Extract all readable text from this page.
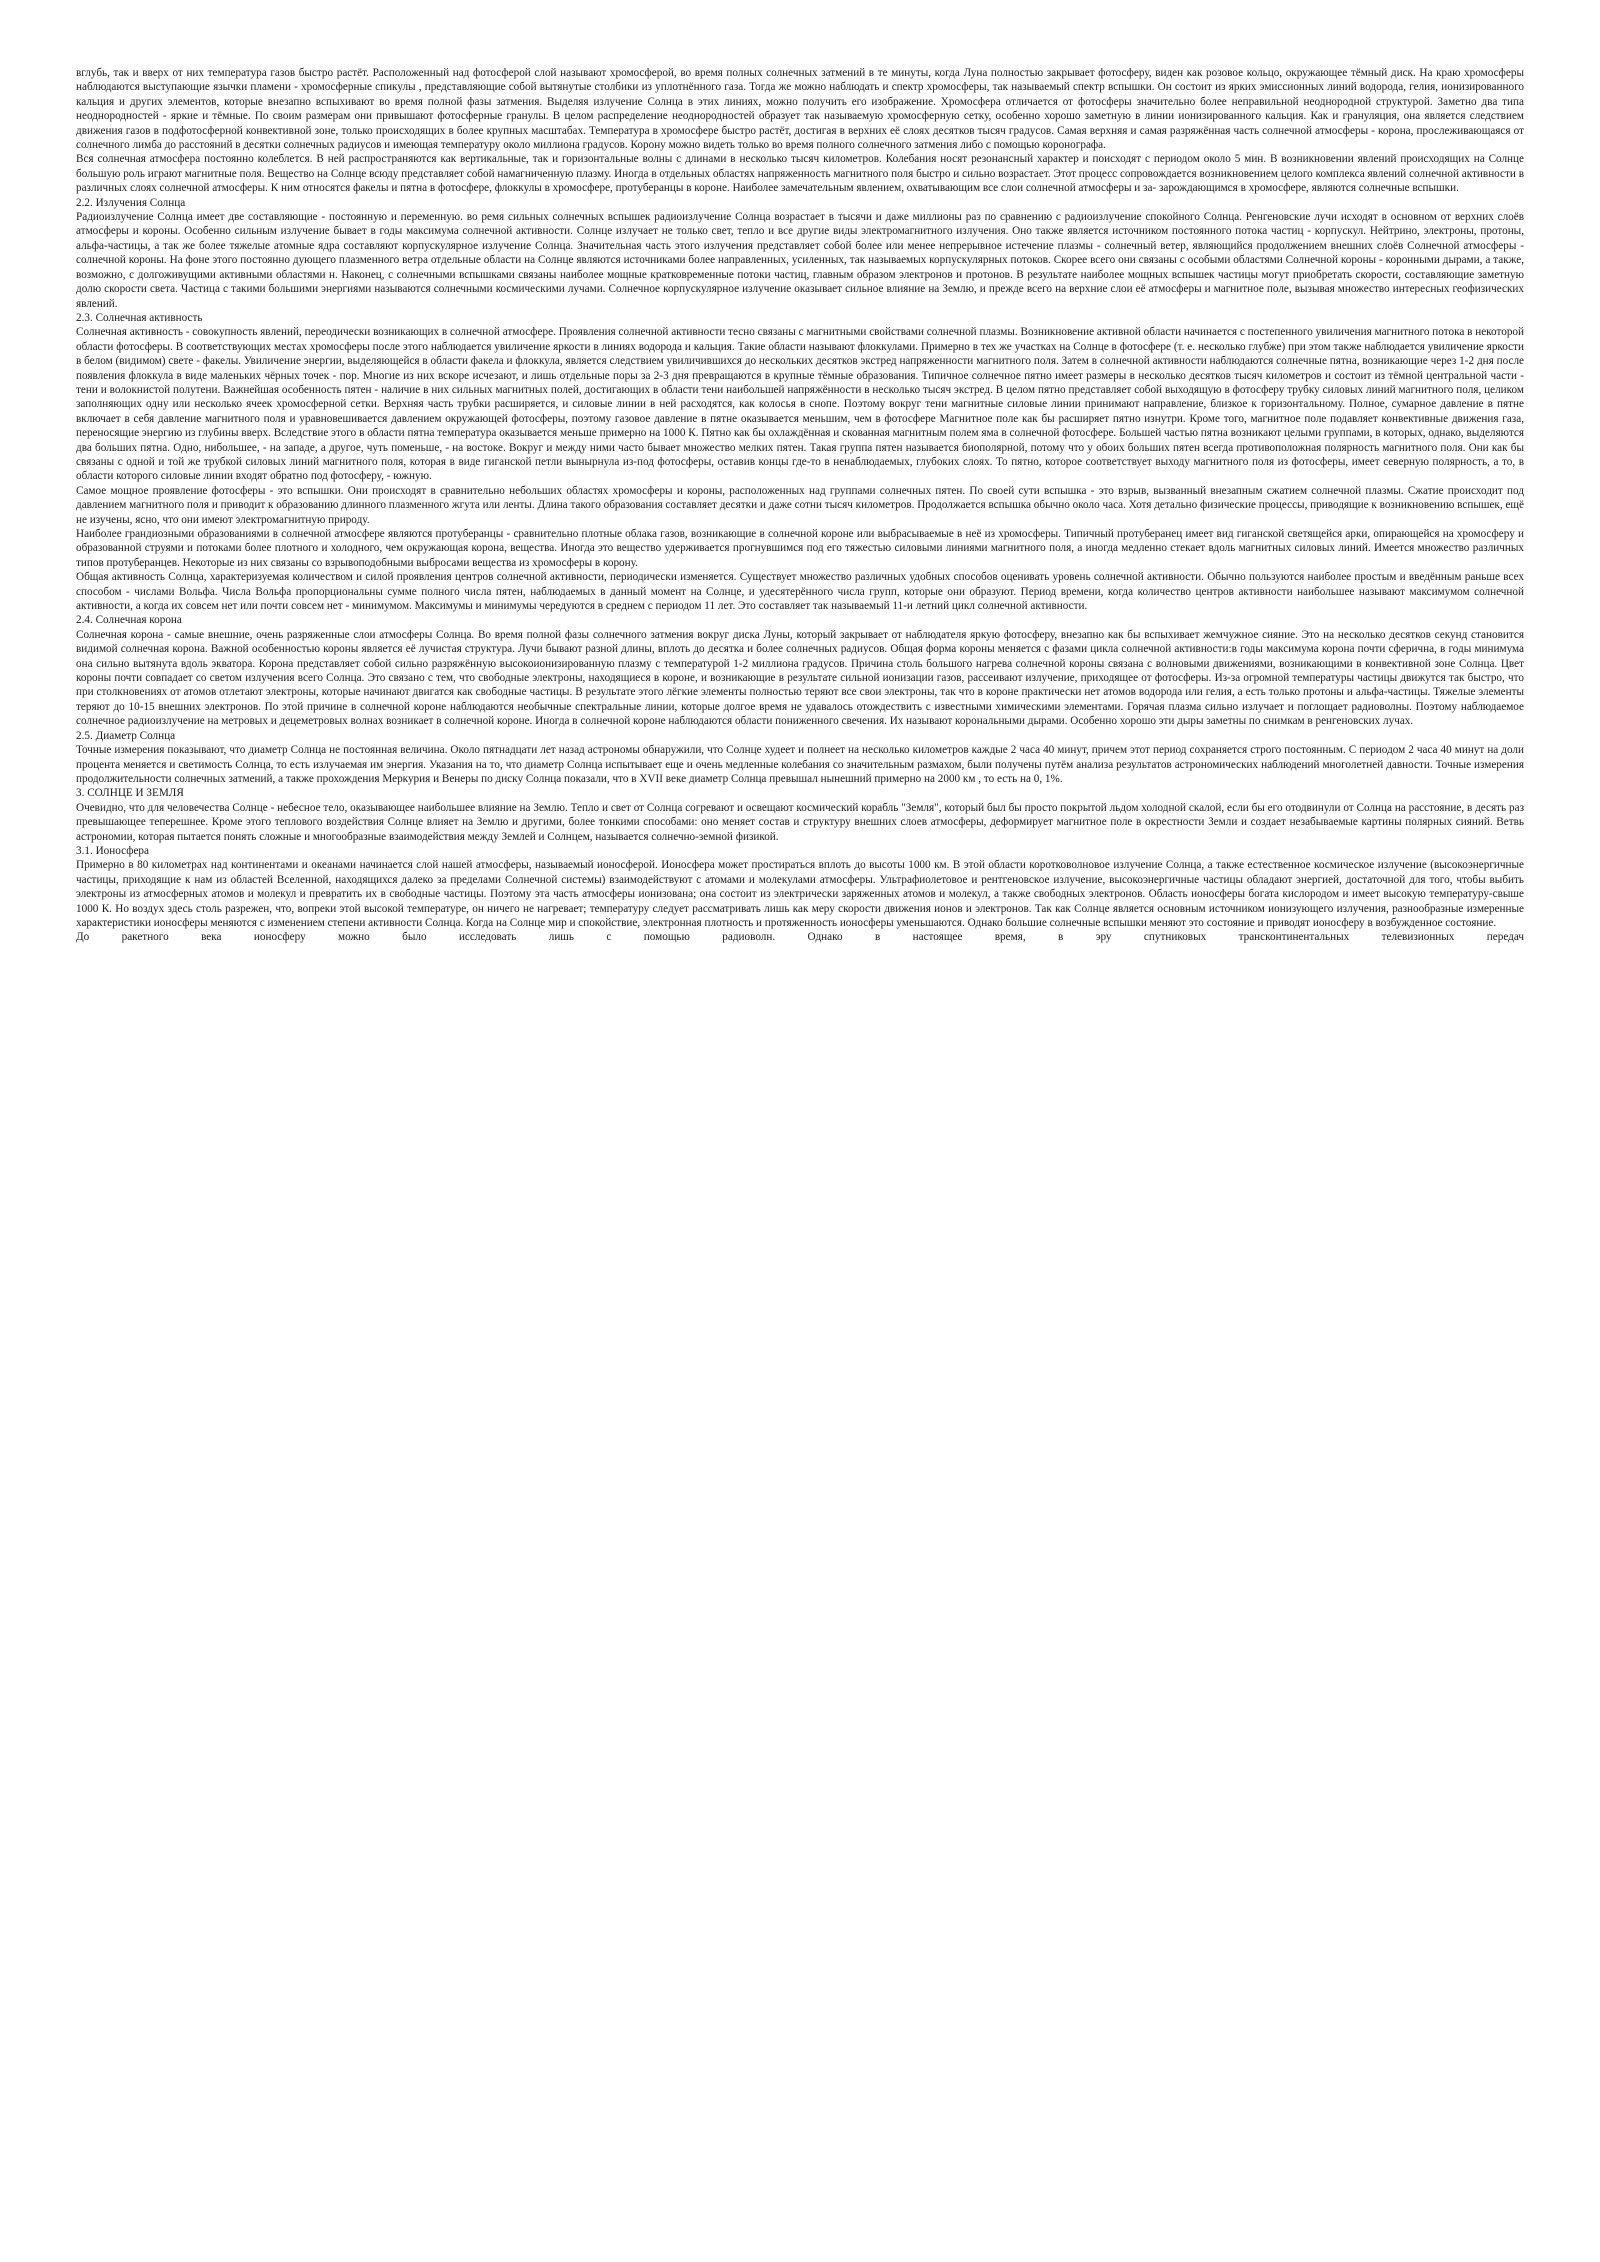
вглубь, так и вверх от них температура газов быстро растёт. Расположенный над фотосферой слой называют хромосферой, во время полных солнечных затмений в те минуты, когда Луна полностью закрывает фотосферу, виден как розовое кольцо, окружающее тёмный диск. На краю хромосферы наблюдаются выступающие язычки пламени - хромосферные спикулы , представляющие собой вытянутые столбики из уплотнённого газа. Тогда же можно наблюдать и спектр хромосферы, так называемый спектр вспышки. Он состоит из ярких эмиссионных линий водорода, гелия, ионизированного кальция и других элементов, которые внезапно вспыхивают во время полной фазы затмения. Выделяя излучение Солнца в этих линиях, можно получить его изображение. Хромосфера отличается от фотосферы значительно более неправильной неоднородной структурой. Заметно два типа неоднородностей - яркие и тёмные. По своим размерам они привышают фотосферные гранулы. В целом распределение неоднородностей образует так называемую хромосферную сетку, особенно хорошо заметную в линии ионизированного кальция. Как и грануляция, она является следствием движения газов в подфотосферной конвективной зоне, только происходящих в более крупных масштабах. Температура в хромосфере быстро растёт, достигая в верхних её слоях десятков тысяч градусов. Самая верхняя и самая разряжённая часть солнечной атмосферы - корона, прослеживающаяся от солнечного лимба до расстояний в десятки солнечных радиусов и имеющая температуру около миллиона градусов. Корону можно видеть только во время полного солнечного затмения либо с помощью коронографа.

Вся солнечная атмосфера постоянно колеблется. В ней распространяются как вертикальные, так и горизонтальные волны с длинами в несколько тысяч километров. Колебания носят резонансный характер и поисходят с периодом около 5 мин. В возникновении явлений происходящих на Солнце большую роль играют магнитные поля. Вещество на Солнце всюду представляет собой намагниченную плазму. Иногда в отдельных областях напряженность магнитного поля быстро и сильно возрастает. Этот процесс сопровождается возникновением целого комплекса явлений солнечной активности в различных слоях солнечной атмосферы. К ним относятся факелы и пятна в фотосфере, флоккулы в хромосфере, протуберанцы в короне. Наиболее замечательным явлением, охватывающим все слои солнечной атмосферы и за- зарождающимся в хромосфере, являются солнечные вспышки.

2.2. Излучения Солнца

Радиоизлучение Солнца имеет две составляющие - постоянную и переменную. во ремя сильных солнечных вспышек радиоизлучение Солнца возрастает в тысячи и даже миллионы раз по сравнению с радиоизлучение спокойного Солнца. Ренгеновские лучи исходят в основном от верхних слоёв атмосферы и короны. Особенно сильным излучение бывает в годы максимума солнечной активности. Солнце излучает не только свет, тепло и все другие виды электромагнитного излучения. Оно также является источником постоянного потока частиц - корпускул. Нейтрино, электроны, протоны, альфа-частицы, а так же более тяжелые атомные ядра составляют корпускулярное излучение Солнца. Значительная часть этого излучения представляет собой более или менее непрерывное истечение плазмы - солнечный ветер, являющийся продолжением внешних слоёв Солнечной атмосферы - солнечной короны. На фоне этого постоянно дующего плазменного ветра отдельные области на Солнце являются источниками более направленных, усиленных, так называемых корпускулярных потоков. Скорее всего они связаны с особыми областями Солнечной короны - коронными дырами, а также, возможно, с долгоживущими активными областями н. Наконец, с солнечными вспышками связаны наиболее мощные кратковременные потоки частиц, главным образом электронов и протонов. В результате наиболее мощных вспышек частицы могут приобретать скорости, составляющие заметную долю скорости света. Частица с такими большими энергиями называются солнечными космическими лучами. Солнечное корпускулярное излучение оказывает сильное влияние на Землю, и прежде всего на верхние слои её атмосферы и магнитное поле, вызывая множество интересных геофизических явлений.

2.3. Солнечная активность

Солнечная активность - совокупность явлений, переодически возникающих в солнечной атмосфере. Проявления солнечной активности тесно связаны с магнитными свойствами солнечной плазмы. Возникновение активной области начинается с постепенного увиличения магнитного потока в некоторой области фотосферы. В соответствующих местах хромосферы после этого наблюдается увиличение яркости в линиях водорода и кальция. Такие области называют флоккулами. Примерно в тех же участках на Солнце в фотосфере (т. е. несколько глубже) при этом также наблюдается увиличение яркости в белом (видимом) свете - факелы. Увиличение энергии, выделяющейся в области факела и флоккула, является следствием увиличившихся до нескольких десятков экстред напряженности магнитного поля. Затем в солнечной активности наблюдаются солнечные пятна, возникающие через 1-2 дня после появления флоккула в виде маленьких чёрных точек - пор. Многие из них вскоре исчезают, и лишь отдельные поры за 2-3 дня превращаются в крупные тёмные образования. Типичное солнечное пятно имеет размеры в несколько десятков тысяч километров и состоит из тёмной центральной части - тени и волокнистой полутени. Важнейшая особенность пятен - наличие в них сильных магнитных полей, достигающих в области тени наибольшей напряжённости в несколько тысяч экстред. В целом пятно представляет собой выходящую в фотосферу трубку силовых линий магнитного поля, целиком заполняющих одну или несколько ячеек хромосферной сетки. Верхняя часть трубки расширяется, и силовые линии в ней расходятся, как колосья в снопе. Поэтому вокруг тени магнитные силовые линии принимают направление, близкое к горизонтальному. Полное, сумарное давление в пятне включает в себя давление магнитного поля и уравновешивается давлением окружающей фотосферы, поэтому газовое давление в пятне оказывается меньшим, чем в фотосфере Магнитное поле как бы расширяет пятно изнутри. Кроме того, магнитное поле подавляет конвективные движения газа, переносящие энергию из глубины вверх. Вследствие этого в области пятна температура оказывается меньше примерно на 1000 К. Пятно как бы охлаждённая и скованная магнитным полем яма в солнечной фотосфере. Большей частью пятна возникают целыми группами, в которых, однако, выделяются два больших пятна. Одно, нибольшее, - на западе, а другое, чуть поменьше, - на востоке. Вокруг и между ними часто бывает множество мелких пятен. Такая группа пятен называется биополярной, потому что у обоих больших пятен всегда противоположная полярность магнитного поля. Они как бы связаны с одной и той же трубкой силовых линий магнитного поля, которая в виде гиганской петли вынырнула из-под фотосферы, оставив концы где-то в ненаблюдаемых, глубоких слоях. То пятно, которое соответствует выходу магнитного поля из фотосферы, имеет северную полярность, а то, в области которого силовые линии входят обратно под фотосферу, - южную.

Самое мощное проявление фотосферы - это вспышки. Они происходят в сравнительно небольших областях хромосферы и короны, расположенных над группами солнечных пятен. По своей сути вспышка - это взрыв, вызванный внезапным сжатием солнечной плазмы. Сжатие происходит под давлением магнитного поля и приводит к образованию длинного плазменного жгута или ленты. Длина такого образования составляет десятки и даже сотни тысяч километров. Продолжается вспышка обычно около часа. Хотя детально физические процессы, приводящие к возникновению вспышек, ещё не изучены, ясно, что они имеют электромагнитную природу.

Наиболее грандиозными образованиями в солнечной атмосфере являются протуберанцы - сравнительно плотные облака газов, возникающие в солнечной короне или выбрасываемые в неё из хромосферы. Типичный протуберанец имеет вид гиганской светящейся арки, опирающейся на хромосферу и образованной струями и потоками более плотного и холодного, чем окружающая корона, вещества. Иногда это вещество удерживается прогнувшимся под его тяжестью силовыми линиями магнитного поля, а иногда медленно стекает вдоль магнитных силовых линий. Имеется множество различных типов протуберанцев. Некоторые из них связаны со взрывоподобными выбросами вещества из хромосферы в корону.

Общая активность Солнца, характеризуемая количеством и силой проявления центров солнечной активности, периодически изменяется. Существует множество различных удобных способов оценивать уровень солнечной активности. Обычно пользуются наиболее простым и введённым раньше всех способом - числами Вольфа. Числа Вольфа пропорциональны сумме полного числа пятен, наблюдаемых в данный момент на Солнце, и удесятерённого числа групп, которые они образуют. Период времени, когда количество центров активности наибольшее называют максимумом солнечной активности, а когда их совсем нет или почти совсем нет - минимумом. Максимумы и минимумы чередуются в среднем с периодом 11 лет. Это составляет так называемый 11-и летний цикл солнечной активности.

2.4. Солнечная корона

Солнечная корона - самые внешние, очень разряженные слои атмосферы Солнца. Во время полной фазы солнечного затмения вокруг диска Луны, который закрывает от наблюдателя яркую фотосферу, внезапно как бы вспыхивает жемчужное сияние. Это на несколько десятков секунд становится видимой солнечная корона. Важной особенностью короны является её лучистая структура. Лучи бывают разной длины, вплоть до десятка и более солнечных радиусов. Общая форма короны меняется с фазами цикла солнечной активности:в годы максимума корона почти сферична, в годы минимума она сильно вытянута вдоль экватора. Корона представляет собой сильно разряжённую высокоионизированную плазму с температурой 1-2 миллиона градусов. Причина столь большого нагрева солнечной короны связана с волновыми движениями, возникающими в конвективной зоне Солнца. Цвет короны почти совпадает со светом излучения всего Солнца. Это связано с тем, что свободные электроны, находящиеся в короне, и возникающие в результате сильной ионизации газов, рассеивают излучение, приходящее от фотосферы. Из-за огромной температуры частицы движутся так быстро, что при столкновениях от атомов отлетают электроны, которые начинают двигатся как свободные частицы. В результате этого лёгкие элементы полностью теряют все свои электроны, так что в короне практически нет атомов водорода или гелия, а есть только протоны и альфа-частицы. Тяжелые элементы теряют до 10-15 внешних электронов. По этой причине в солнечной короне наблюдаются необычные спектральные линии, которые долгое время не удавалось отождествить с известными химическими элементами. Горячая плазма сильно излучает и поглощает радиоволны. Поэтому наблюдаемое солнечное радиоизлучение на метровых и децеметровых волнах возникает в солнечной короне. Иногда в солнечной короне наблюдаются области пониженного свечения. Их называют корональными дырами. Особенно хорошо эти дыры заметны по снимкам в ренгеновских лучах.

2.5. Диаметр Солнца

Точные измерения показывают, что диаметр Солнца не постоянная величина. Около пятнадцати лет назад астрономы обнаружили, что Солнце худеет и полнеет на несколько километров каждые 2 часа 40 минут, причем этот период сохраняется строго постоянным. С периодом 2 часа 40 минут на доли процента меняется и светимость Солнца, то есть излучаемая им энергия. Указания на то, что диаметр Солнца испытывает еще и очень медленные колебания со значительным размахом, были получены путём анализа результатов астрономических наблюдений многолетней давности. Точные измерения продолжительности солнечных затмений, а также прохождения Меркурия и Венеры по диску Солнца показали, что в XVII веке диаметр Солнца превышал нынешний примерно на 2000 км , то есть на 0, 1%.

3. СОЛНЦЕ И ЗЕМЛЯ

Очевидно, что для человечества Солнце - небесное тело, оказывающее наибольшее влияние на Землю. Тепло и свет от Солнца согревают и освещают космический корабль "Земля", который был бы просто покрытой льдом холодной скалой, если бы его отодвинули от Солнца на расстояние, в десять раз превышающее теперешнее. Кроме этого теплового воздействия Солнце влияет на Землю и другими, более тонкими способами: оно меняет состав и структуру внешних слоев атмосферы, деформирует магнитное поле в окрестности Земли и создает незабываемые картины полярных сияний. Ветвь астрономии, которая пытается понять сложные и многообразные взаимодействия между Землей и Солнцем, называется солнечно-земной физикой.

3.1. Ионосфера

Примерно в 80 километрах над континентами и океанами начинается слой нашей атмосферы, называемый ионосферой. Ионосфера может простираться вплоть до высоты 1000 км. В этой области коротковолновое излучение Солнца, а также естественное космическое излучение (высокоэнергичные частицы, приходящие к нам из областей Вселенной, находящихся далеко за пределами Солнечной системы) взаимодействуют с атомами и молекулами атмосферы. Ультрафиолетовое и рентгеновское излучение, высокоэнергичные частицы обладают энергией, достаточной для того, чтобы выбить электроны из атмосферных атомов и молекул и превратить их в свободные частицы. Поэтому эта часть атмосферы ионизована; она состоит из электрически заряженных атомов и молекул, а также свободных электронов. Область ионосферы богата кислородом и имеет высокую температуру-свыше 1000 К. Но воздух здесь столь разрежен, что, вопреки этой высокой температуре, он ничего не нагревает; температуру следует рассматривать лишь как меру скорости движения ионов и электронов. Так как Солнце является основным источником ионизующего излучения, разнообразные измеренные характеристики ионосферы меняются с изменением степени активности Солнца. Когда на Солнце мир и спокойствие, электронная плотность и протяженность ионосферы уменьшаются. Однако большие солнечные вспышки меняют это состояние и приводят ионосферу в возбужденное состояние.

До ракетного века ионосферу можно было исследовать лишь с помощью радиоволн. Однако в настоящее время, в эру спутниковых трансконтинентальных телевизионных передач
